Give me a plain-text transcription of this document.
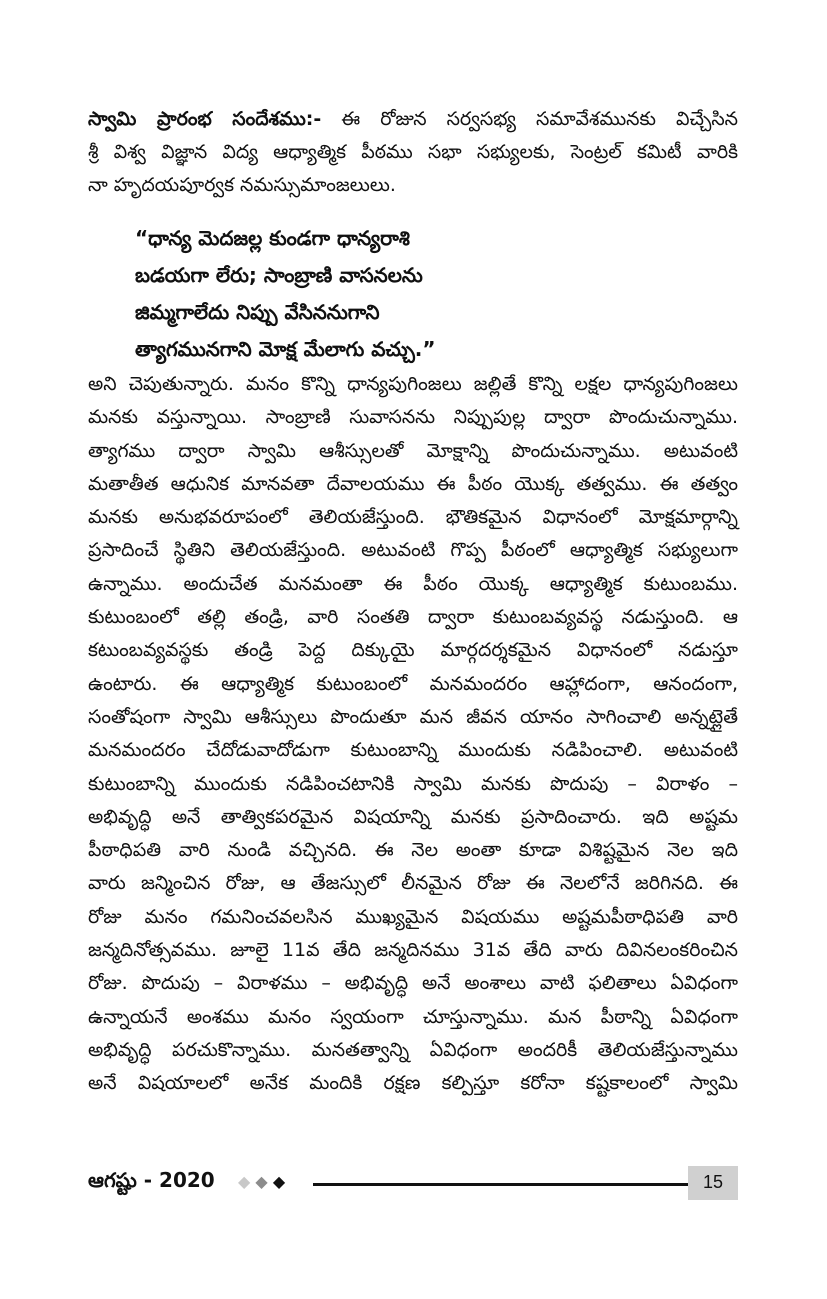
స్వామి ప్రారంభ సందేశము:- ఈ రోజున సర్వసభ్య సమావేశమునకు విచ్చేసిన
శ్రీ విశ్వ విజ్ఞాన విద్య ఆధ్యాత్మిక పీఠము సభా సభ్యులకు, సెంట్రల్ కమిటీ వారికి
నా హృదయపూర్వక నమస్సుమాంజలులు.
“ధాన్య మెదజల్ల కుండగా ధాన్యరాశి
బడయగా లేరు; సాంబ్రాణి వాసనలను
జిమ్మగాలేదు నిప్పు వేసిననుగాని
త్యాగమునగాని మోక్ష మేలాగు వచ్చు.”
అని చెపుతున్నారు. మనం కొన్ని ధాన్యపుగింజలు జల్లితే కొన్ని లక్షల ధాన్యపుగింజలు
మనకు వస్తున్నాయి. సాంబ్రాణి సువాసనను నిప్పుపుల్ల ద్వారా పొందుచున్నాము.
త్యాగము ద్వారా స్వామి ఆశీస్సులతో మోక్షాన్ని పొందుచున్నాము. అటువంటి
మతాతీత ఆధునిక మానవతా దేవాలయము ఈ పీఠం యొక్క తత్వము. ఈ తత్వం
మనకు అనుభవరూపంలో తెలియజేస్తుంది. భౌతికమైన విధానంలో మోక్షమార్గాన్ని
ప్రసాదించే స్థితిని తెలియజేస్తుంది. అటువంటి గొప్ప పీఠంలో ఆధ్యాత్మిక సభ్యులుగా
ఉన్నాము. అందుచేత మనమంతా ఈ పీఠం యొక్క ఆధ్యాత్మిక కుటుంబము.
కుటుంబంలో తల్లి తండ్రి, వారి సంతతి ద్వారా కుటుంబవ్యవస్థ నడుస్తుంది. ఆ
కటుంబవ్యవస్థకు తండ్రి పెద్ద దిక్కుయై మార్గదర్శకమైన విధానంలో నడుస్తూ
ఉంటారు. ఈ ఆధ్యాత్మిక కుటుంబంలో మనమందరం ఆహ్లాదంగా, ఆనందంగా,
సంతోషంగా స్వామి ఆశీస్సులు పొందుతూ మన జీవన యానం సాగించాలి అన్నట్లైతే
మనమందరం చేదోడువాదోడుగా కుటుంబాన్ని ముందుకు నడిపించాలి. అటువంటి
కుటుంబాన్ని ముందుకు నడిపించటానికి స్వామి మనకు పొదుపు – విరాళం –
అభివృద్ధి అనే తాత్వికపరమైన విషయాన్ని మనకు ప్రసాదించారు. ఇది అష్టమ
పీఠాధిపతి వారి నుండి వచ్చినది. ఈ నెల అంతా కూడా విశిష్టమైన నెల ఇది
వారు జన్మించిన రోజు, ఆ తేజస్సులో లీనమైన రోజు ఈ నెలలోనే జరిగినది. ఈ
రోజు మనం గమనించవలసిన ముఖ్యమైన విషయము అష్టమపీఠాధిపతి వారి
జన్మదినోత్సవము. జూలై 11వ తేది జన్మదినము 31వ తేది వారు దివినలంకరించిన
రోజు. పొదుపు – విరాళము – అభివృద్ధి అనే అంశాలు వాటి ఫలితాలు ఏవిధంగా
ఉన్నాయనే అంశము మనం స్వయంగా చూస్తున్నాము. మన పీఠాన్ని ఏవిధంగా
అభివృద్ధి పరచుకొన్నాము. మనతత్వాన్ని ఏవిధంగా అందరికీ తెలియజేస్తున్నాము
అనే విషయాలలో అనేక మందికి రక్షణ కల్పిస్తూ కరోనా కష్టకాలంలో స్వామి
ఆగష్టు - 2020 ◆ ◆ ◆	15
